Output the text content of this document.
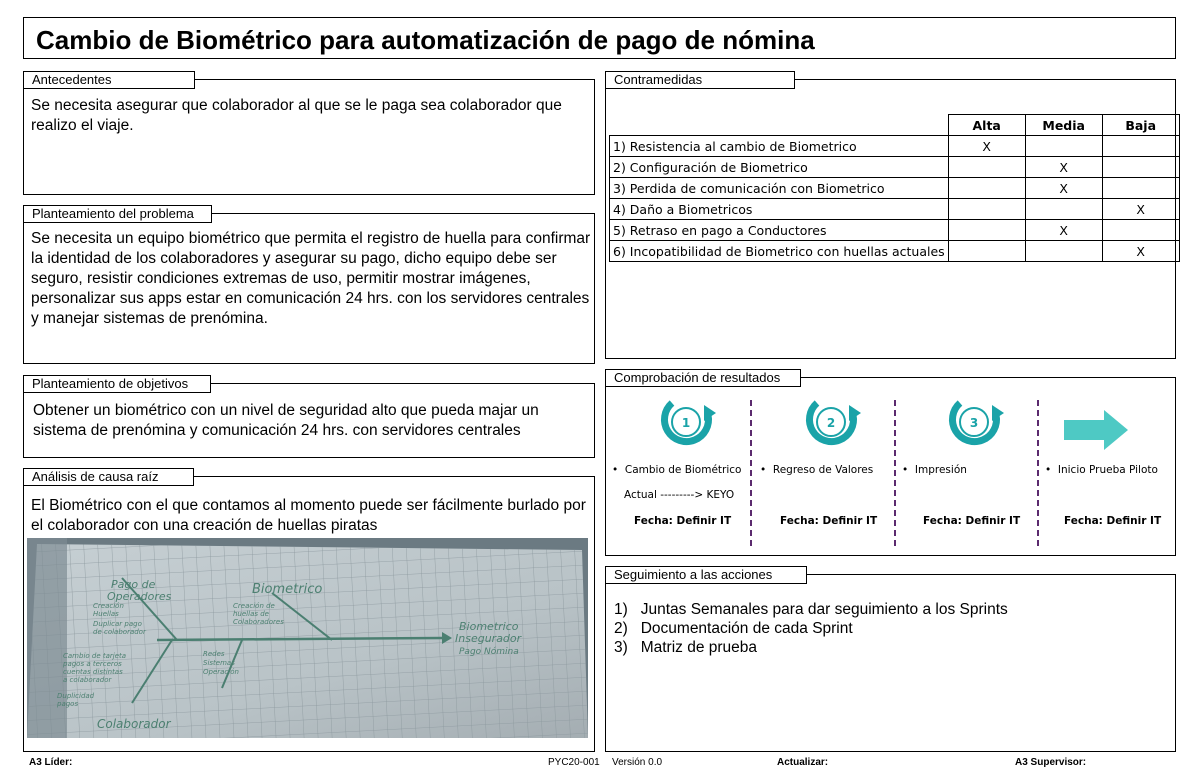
Cambio de Biométrico para automatización de pago de nómina
Antecedentes
Se necesita asegurar que colaborador al que se le paga sea colaborador que realizo el viaje.
Planteamiento del problema
Se necesita un equipo biométrico que permita el registro de huella para confirmar la identidad de los colaboradores y asegurar su pago, dicho equipo debe ser seguro, resistir condiciones extremas de uso, permitir mostrar imágenes, personalizar sus apps estar en comunicación 24 hrs. con los servidores centrales y manejar sistemas de prenómina.
Planteamiento de objetivos
Obtener un biométrico con un nivel de seguridad alto que pueda majar un sistema de prenómina y comunicación 24 hrs. con servidores centrales
Análisis de causa raíz
El Biométrico con el que contamos al momento puede ser fácilmente burlado por el colaborador con una creación de huellas piratas
Biometrico
Insegurador
Pago Nómina
Pago de
Operadores	Biometrico
Creación
Huellas
Duplicar pago
de colaborador
Creación de
huellas de
Colaboradores
Cambio de tarjeta
pagos a terceros
cuentas distintas
a colaborador
Redes
Sistemas
Operación
Duplicidad
pagos
Colaborador
Contramedidas
	Alta	Media	Baja
1) Resistencia al cambio de Biometrico	X		
2) Configuración de Biometrico		X	
3) Perdida de comunicación con Biometrico		X	
4) Daño a Biometricos			X
5) Retraso en pago a Conductores		X	
6) Incopatibilidad de Biometrico con huellas actuales			X
Comprobación de resultados
1	2	3
• Cambio de Biométrico
Actual ---------> KEYO
Fecha: Definir IT
• Regreso de Valores
Fecha: Definir IT
• Impresión
Fecha: Definir IT
• Inicio Prueba Piloto
Fecha: Definir IT
Seguimiento a las acciones
1) Juntas Semanales para dar seguimiento a los Sprints
2) Documentación de cada Sprint
3) Matriz de prueba
A3 Líder:	PYC20-001 Versión 0.0	Actualizar:	A3 Supervisor:
